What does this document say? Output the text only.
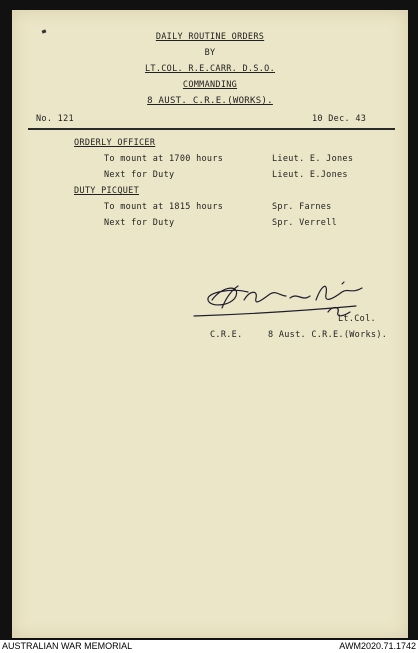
DAILY ROUTINE ORDERS
BY
LT.COL. R.E.CARR. D.S.O.
COMMANDING
8 AUST. C.R.E.(WORKS).
No. 121	10 Dec. 43
ORDERLY OFFICER
To mount at 1700 hours	Lieut. E. Jones
Next for Duty	Lieut. E.Jones
DUTY PICQUET
To mount at 1815 hours	Spr. Farnes
Next for Duty	Spr. Verrell
Lt.Col.
C.R.E.	8 Aust. C.R.E.(Works).
AUSTRALIAN WAR MEMORIAL	AWM2020.71.1742
